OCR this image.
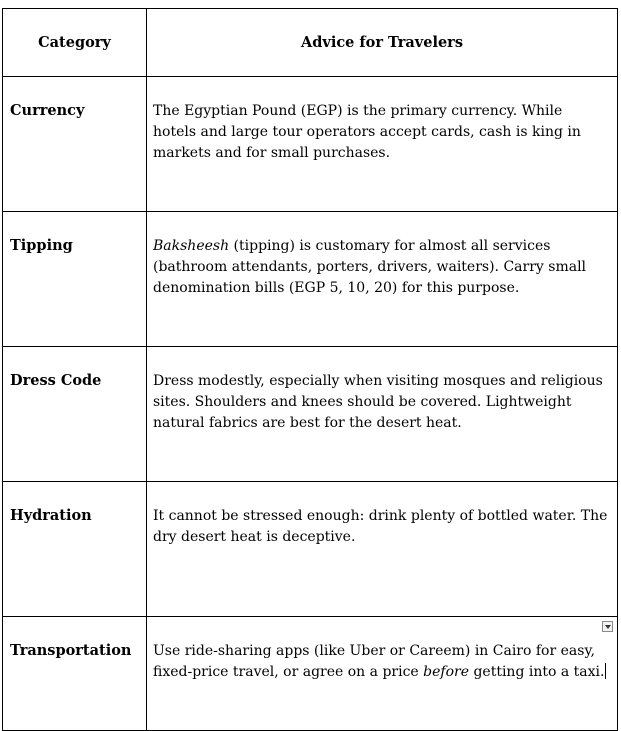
Category	Advice for Travelers
Currency	The Egyptian Pound (EGP) is the primary currency. While hotels and large tour operators accept cards, cash is king in markets and for small purchases.

Tipping	Baksheesh (tipping) is customary for almost all services (bathroom attendants, porters, drivers, waiters). Carry small denomination bills (EGP 5, 10, 20) for this purpose.

Dress Code	Dress modestly, especially when visiting mosques and religious sites. Shoulders and knees should be covered. Lightweight natural fabrics are best for the desert heat.

Hydration	It cannot be stressed enough: drink plenty of bottled water. The dry desert heat is deceptive.

Transportation	Use ride-sharing apps (like Uber or Careem) in Cairo for easy, fixed-price travel, or agree on a price before getting into a taxi.
